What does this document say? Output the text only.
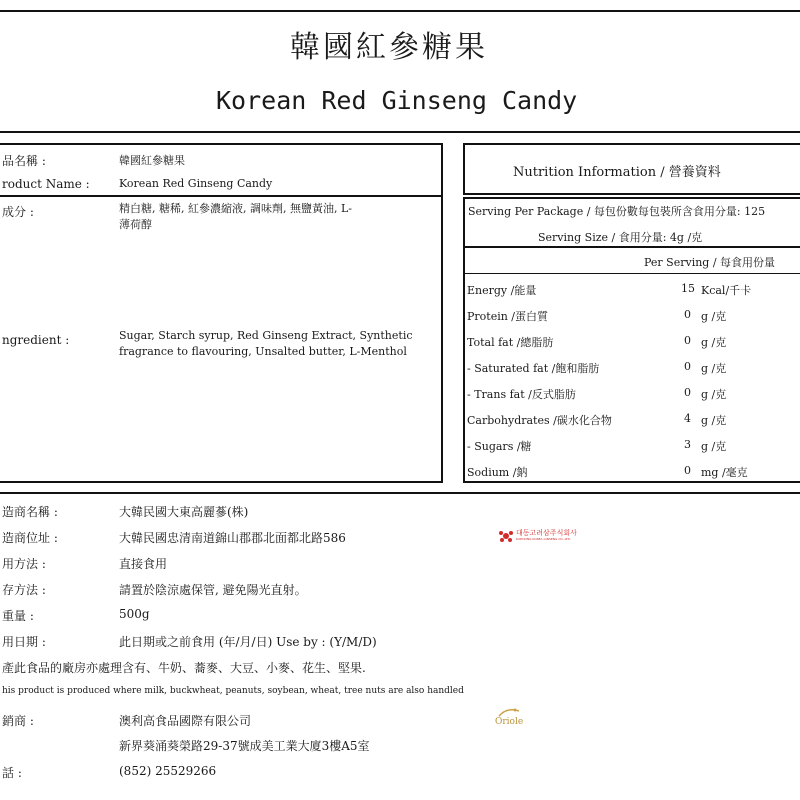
韓國紅參糖果
Korean Red Ginseng Candy
品名稱 :	韓國紅參糖果
roduct Name :	Korean Red Ginseng Candy
成分 :	精白糖, 糖稀, 紅參濃縮液, 調味劑, 無鹽黃油, L-
薄荷醇
ngredient :	Sugar, Starch syrup, Red Ginseng Extract, Synthetic
fragrance to flavouring, Unsalted butter, L-Menthol
Nutrition Information / 營養資料
Serving Per Package / 每包份數每包裝所含食用分量: 125
Serving Size / 食用分量: 4g /克
Per Serving / 每食用份量
Energy /能量	15 Kcal/千卡
Protein /蛋白質	0 g /克
Total fat /總脂肪	0 g /克
- Saturated fat /飽和脂肪	0 g /克
- Trans fat /反式脂肪	0 g /克
Carbohydrates /碳水化合物	4 g /克
- Sugars /糖	3 g /克
Sodium /鈉	0 mg /毫克
造商名稱 :	大韓民國大東高麗蔘(株)
造商位址 :	大韓民國忠清南道錦山郡郡北面都北路586
用方法 :	直接食用
存方法 :	請置於陰涼處保管, 避免陽光直射。
重量 :	500g
用日期 :	此日期或之前食用 (年/月/日) Use by : (Y/M/D)
產此食品的廠房亦處理含有、牛奶、蕎麥、大豆、小麥、花生、堅果.
his product is produced where milk, buckwheat, peanuts, soybean, wheat, tree nuts are also handled
銷商 :	澳利高食品國際有限公司
新界葵涌葵榮路29-37號成美工業大廈3樓A5室
話 :	(852) 25529266
대동고려삼주식회사
DAEDONG KOREA GINSENG CO.,LTD.
Oriole
